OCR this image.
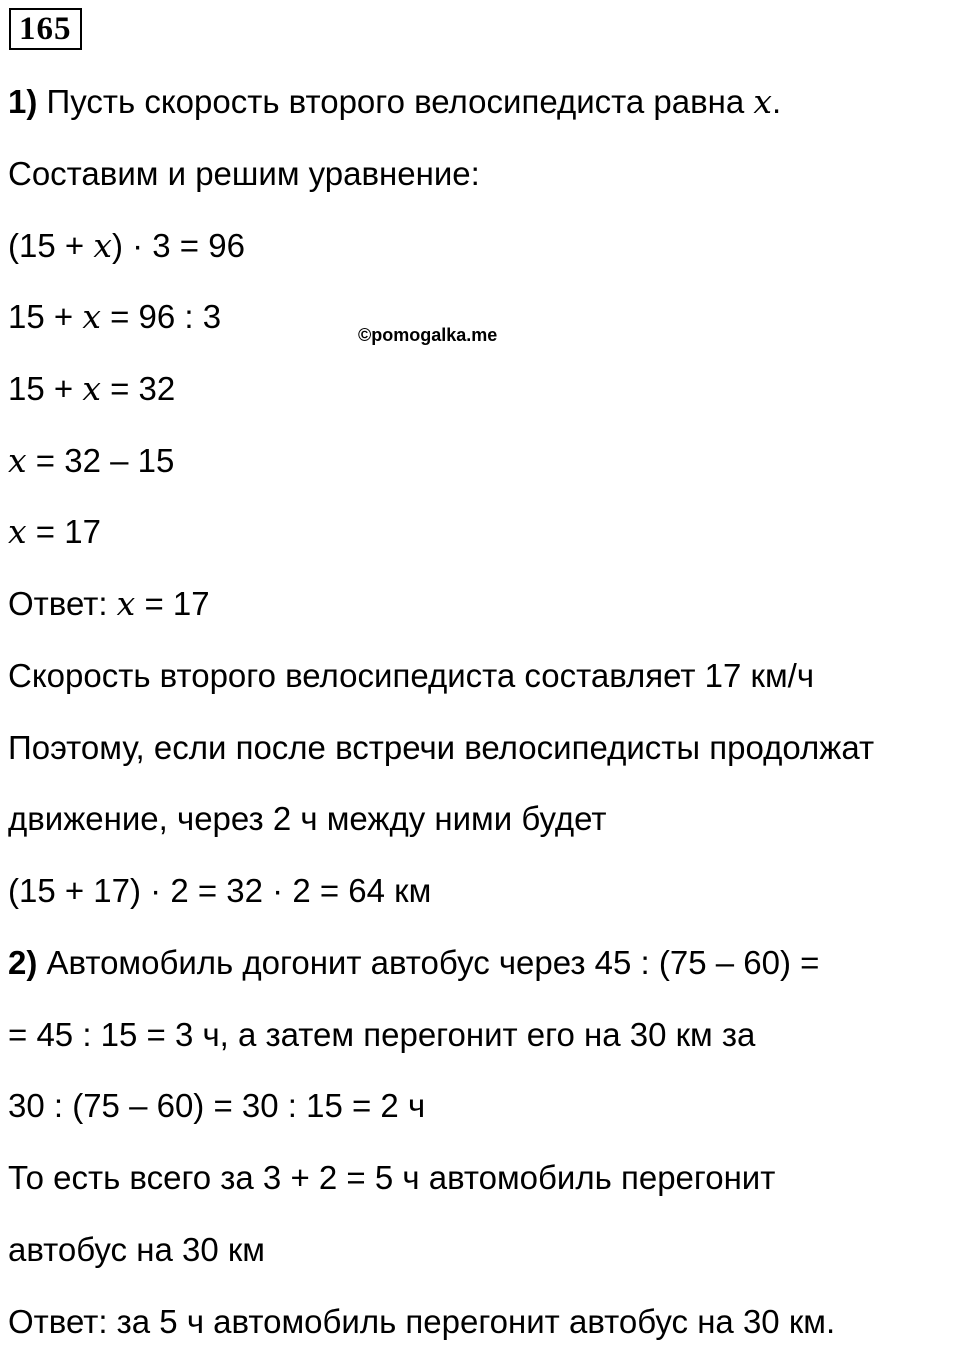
165
1) Пусть скорость второго велосипедиста равна 𝑥.
Составим и решим уравнение:
(15 + 𝑥) · 3 = 96
15 + 𝑥 = 96 : 3	©pomogalka.me
15 + 𝑥 = 32
𝑥 = 32 – 15
𝑥 = 17
Ответ: 𝑥 = 17
Скорость второго велосипедиста составляет 17 км/ч
Поэтому, если после встречи велосипедисты продолжат
движение, через 2 ч между ними будет
(15 + 17) · 2 = 32 · 2 = 64 км
2) Автомобиль догонит автобус через 45 : (75 – 60) =
= 45 : 15 = 3 ч, а затем перегонит его на 30 км за
30 : (75 – 60) = 30 : 15 = 2 ч
То есть всего за 3 + 2 = 5 ч автомобиль перегонит
автобус на 30 км
Ответ: за 5 ч автомобиль перегонит автобус на 30 км.
